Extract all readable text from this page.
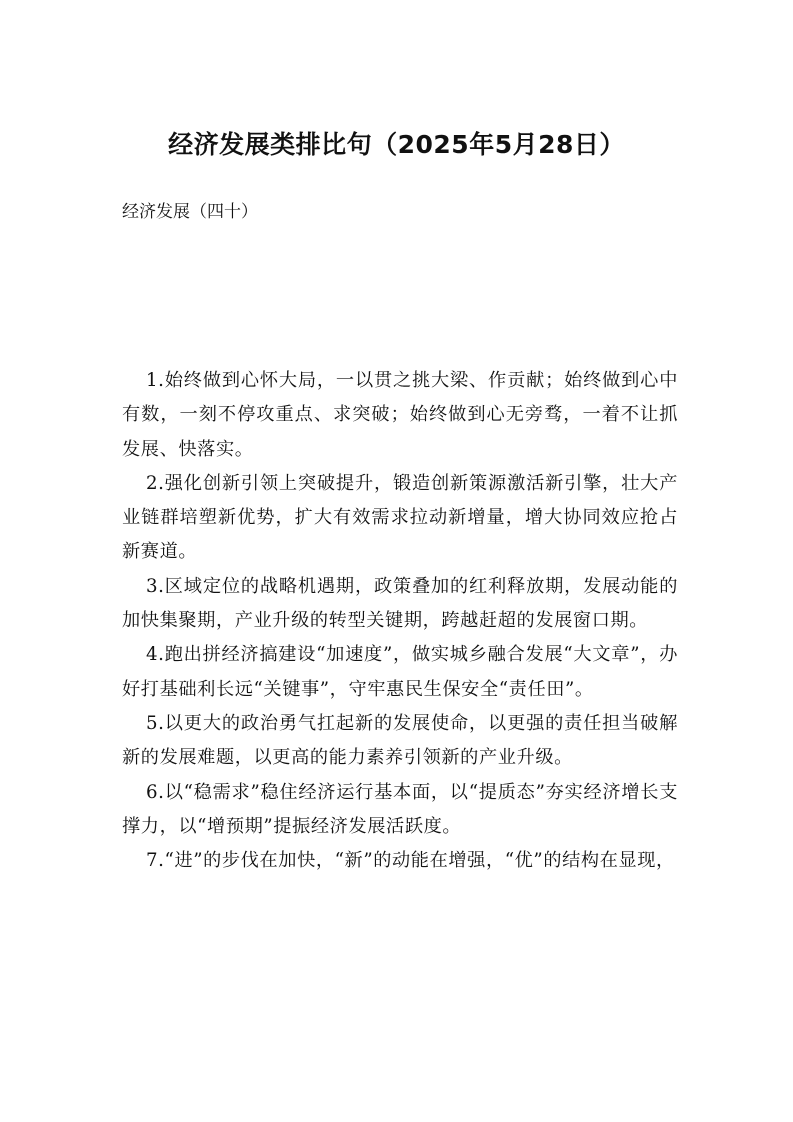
经济发展类排比句（2025年5月28日）

经济发展（四十）

1.始终做到心怀大局，一以贯之挑大梁、作贡献；始终做到心中有数，一刻不停攻重点、求突破；始终做到心无旁骛，一着不让抓发展、快落实。

2.强化创新引领上突破提升，锻造创新策源激活新引擎，壮大产业链群培塑新优势，扩大有效需求拉动新增量，增大协同效应抢占新赛道。

3.区域定位的战略机遇期，政策叠加的红利释放期，发展动能的加快集聚期，产业升级的转型关键期，跨越赶超的发展窗口期。

4.跑出拼经济搞建设“加速度”，做实城乡融合发展“大文章”，办好打基础利长远“关键事”，守牢惠民生保安全“责任田”。

5.以更大的政治勇气扛起新的发展使命，以更强的责任担当破解新的发展难题，以更高的能力素养引领新的产业升级。

6.以“稳需求”稳住经济运行基本面，以“提质态”夯实经济增长支撑力，以“增预期”提振经济发展活跃度。

7.“进”的步伐在加快，“新”的动能在增强，“优”的结构在显现，
